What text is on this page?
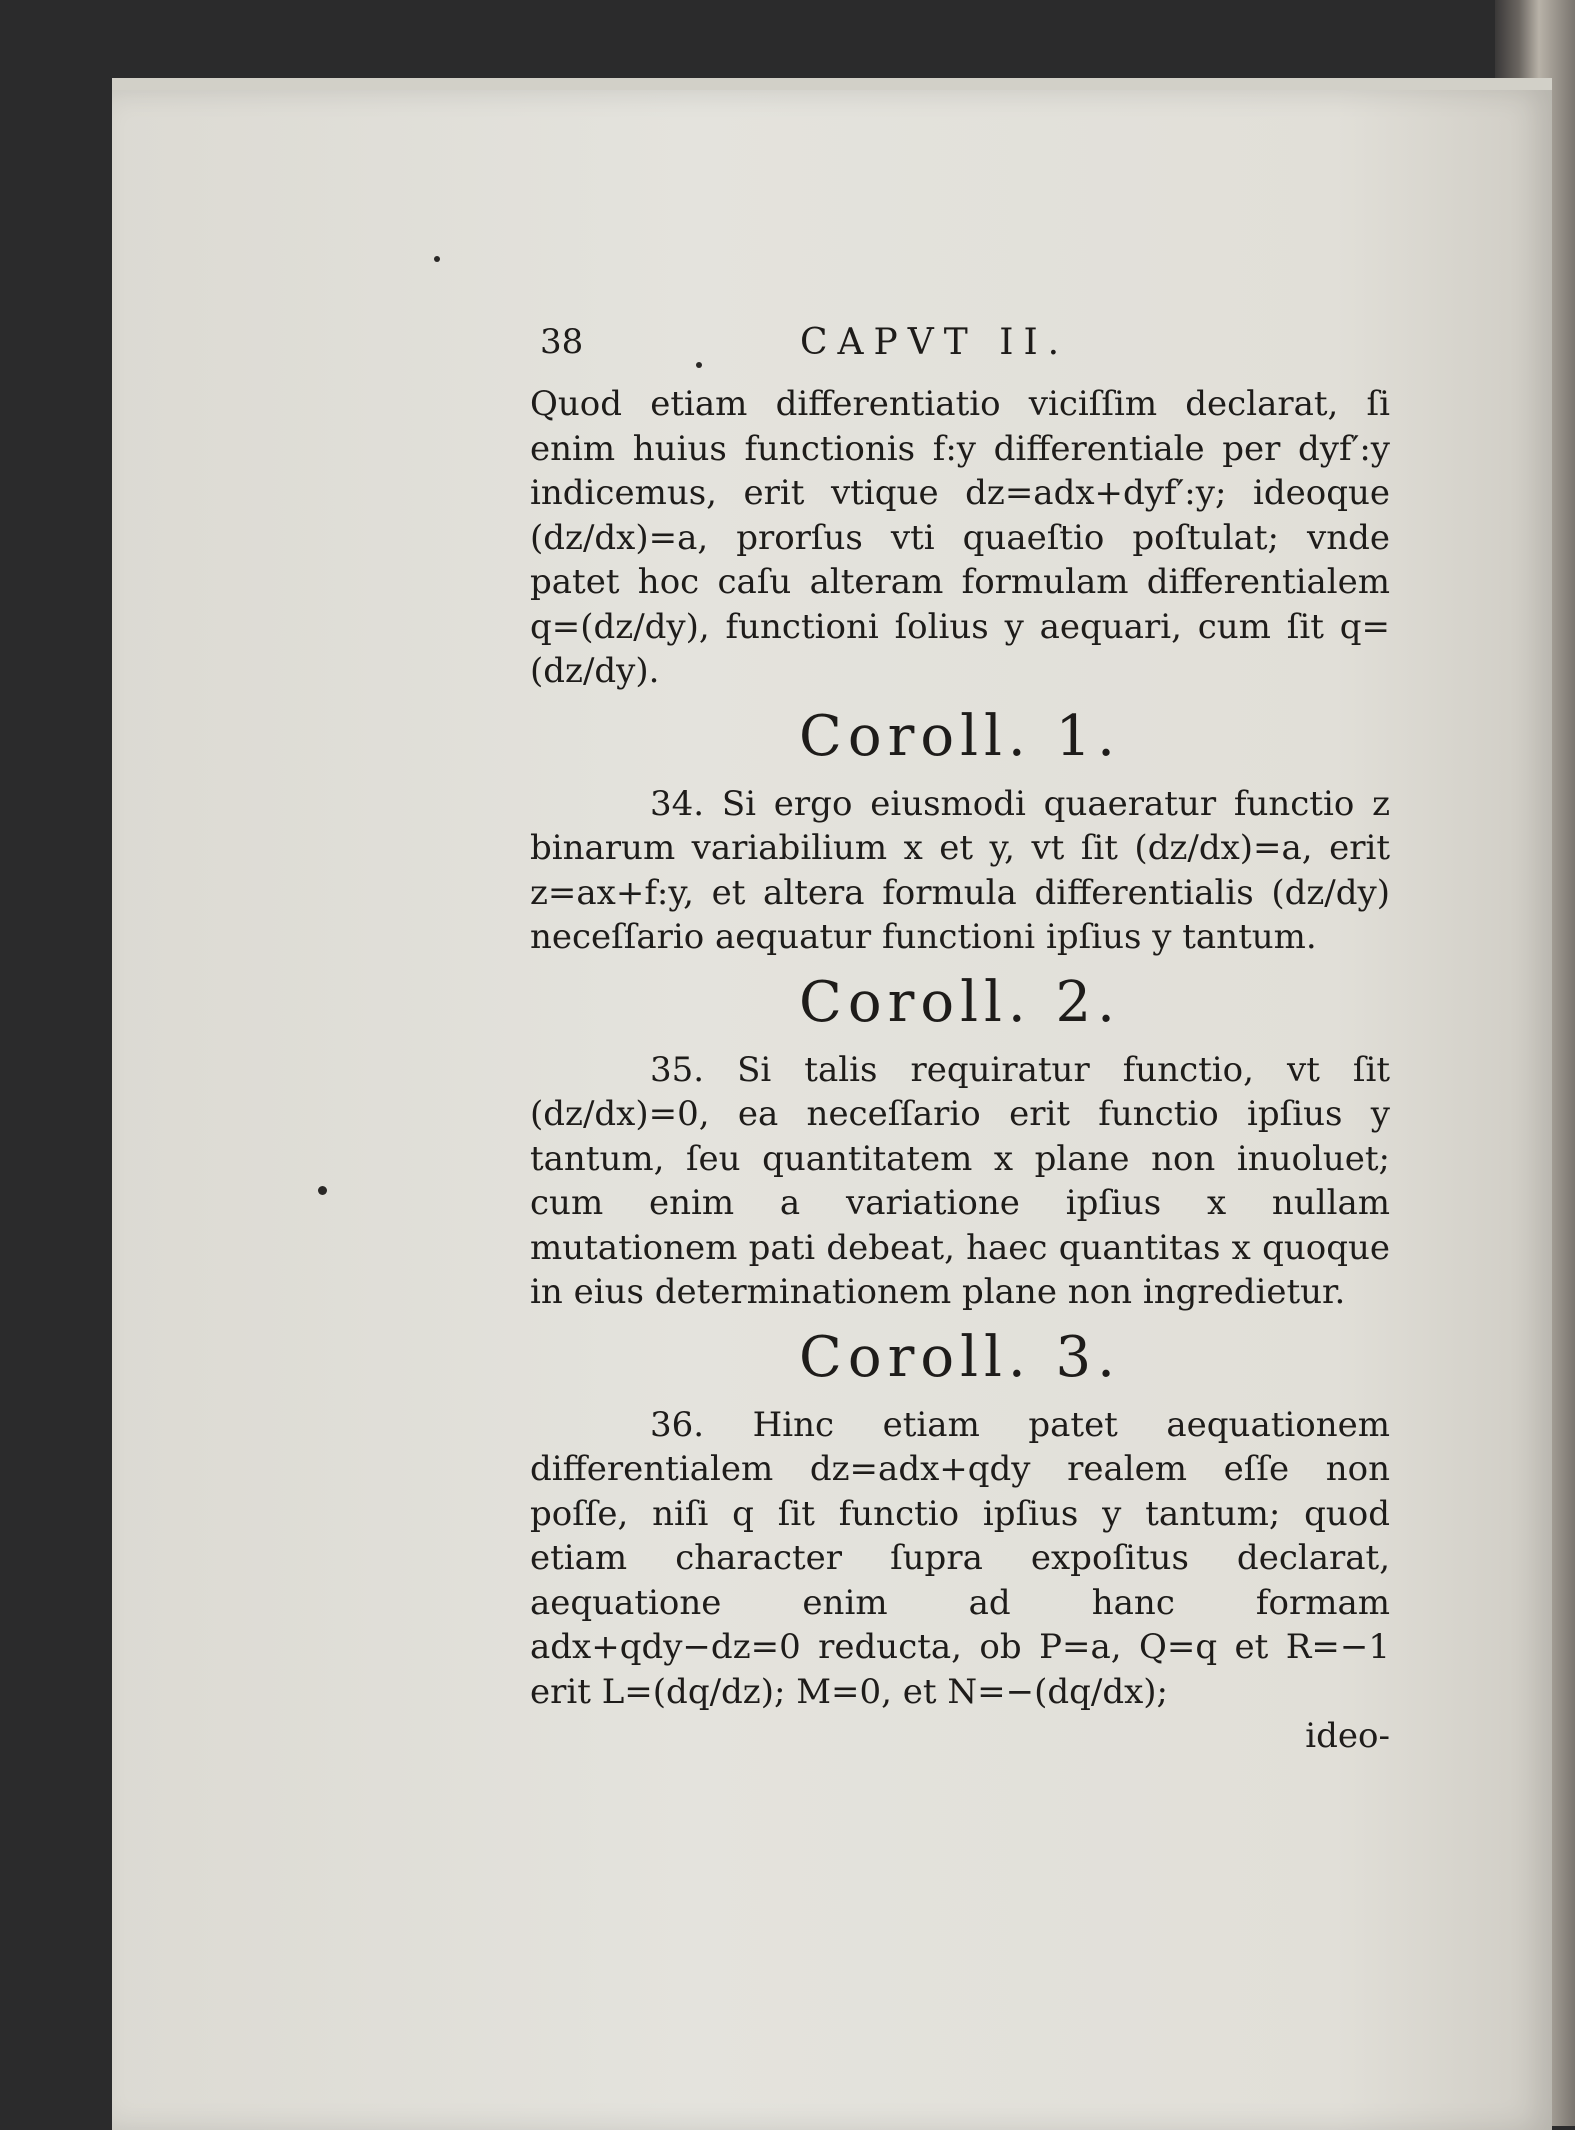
38	CAPVT II.

Quod etiam differentiatio viciſſim declarat, ſi enim huius functionis f:y differentiale per dyf′:y indicemus, erit vtique dz=adx+dyf′:y; ideoque (dz/dx)=a, prorſus vti quaeſtio poſtulat; vnde patet hoc caſu alteram formulam differentialem q=(dz/dy), functioni ſolius y aequari, cum ſit q=(dz/dy).

Coroll. 1.

34. Si ergo eiusmodi quaeratur functio z binarum variabilium x et y, vt ſit (dz/dx)=a, erit z=ax+f:y, et altera formula differentialis (dz/dy) neceſſario aequatur functioni ipſius y tantum.

Coroll. 2.

35. Si talis requiratur functio, vt ſit (dz/dx)=0, ea neceſſario erit functio ipſius y tantum, ſeu quantitatem x plane non inuoluet; cum enim a variatione ipſius x nullam mutationem pati debeat, haec quantitas x quoque in eius determinationem plane non ingredietur.

Coroll. 3.

36. Hinc etiam patet aequationem differentialem dz=adx+qdy realem eſſe non poſſe, niſi q ſit functio ipſius y tantum; quod etiam character ſupra expoſitus declarat, aequatione enim ad hanc formam adx+qdy−dz=0 reducta, ob P=a, Q=q et R=−1 erit L=(dq/dz); M=0, et N=−(dq/dx);

ideo-
